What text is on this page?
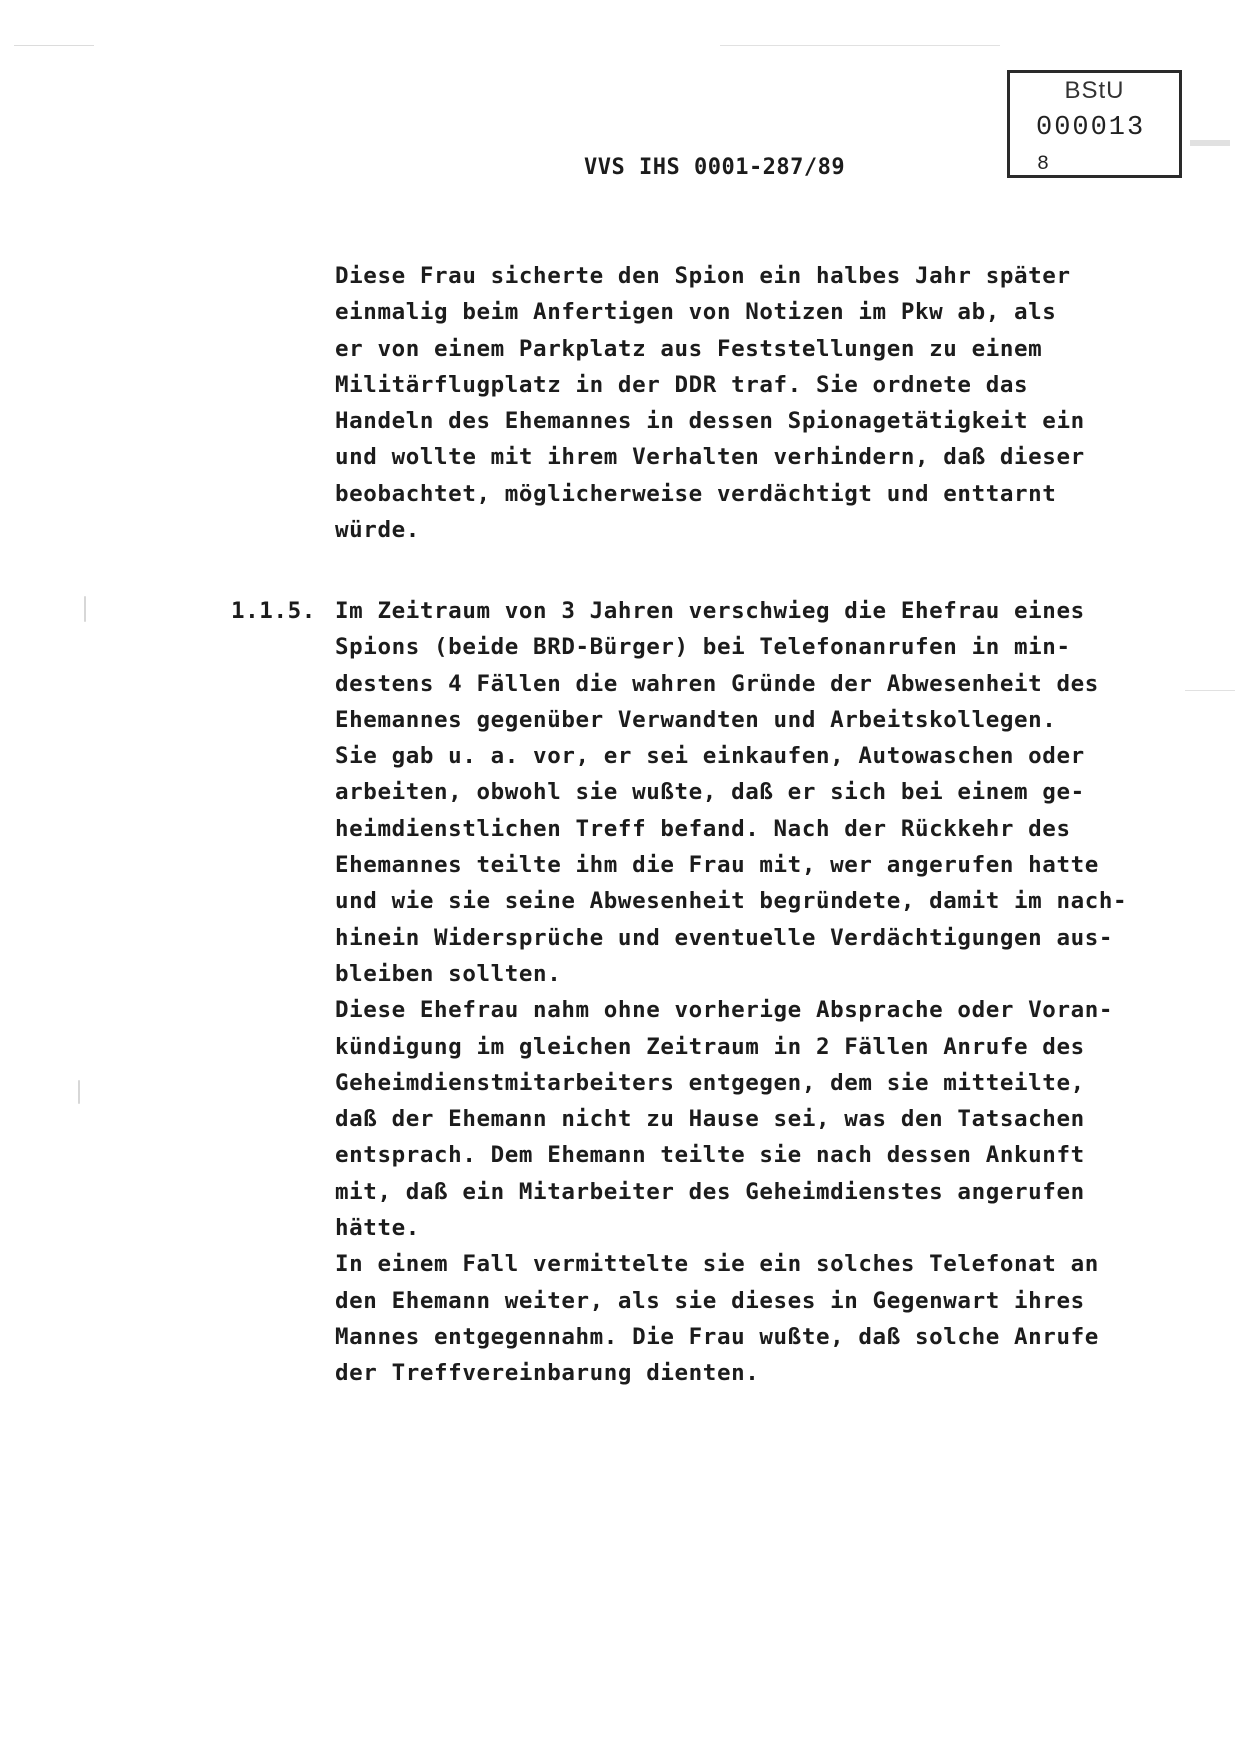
BStU
000013
8
VVS IHS 0001-287/89
Diese Frau sicherte den Spion ein halbes Jahr später
einmalig beim Anfertigen von Notizen im Pkw ab, als
er von einem Parkplatz aus Feststellungen zu einem
Militärflugplatz in der DDR traf. Sie ordnete das
Handeln des Ehemannes in dessen Spionagetätigkeit ein
und wollte mit ihrem Verhalten verhindern, daß dieser
beobachtet, möglicherweise verdächtigt und enttarnt
würde.
1.1.5. Im Zeitraum von 3 Jahren verschwieg die Ehefrau eines
Spions (beide BRD-Bürger) bei Telefonanrufen in min-
destens 4 Fällen die wahren Gründe der Abwesenheit des
Ehemannes gegenüber Verwandten und Arbeitskollegen.
Sie gab u. a. vor, er sei einkaufen, Autowaschen oder
arbeiten, obwohl sie wußte, daß er sich bei einem ge-
heimdienstlichen Treff befand. Nach der Rückkehr des
Ehemannes teilte ihm die Frau mit, wer angerufen hatte
und wie sie seine Abwesenheit begründete, damit im nach-
hinein Widersprüche und eventuelle Verdächtigungen aus-
bleiben sollten.
Diese Ehefrau nahm ohne vorherige Absprache oder Voran-
kündigung im gleichen Zeitraum in 2 Fällen Anrufe des
Geheimdienstmitarbeiters entgegen, dem sie mitteilte,
daß der Ehemann nicht zu Hause sei, was den Tatsachen
entsprach. Dem Ehemann teilte sie nach dessen Ankunft
mit, daß ein Mitarbeiter des Geheimdienstes angerufen
hätte.
In einem Fall vermittelte sie ein solches Telefonat an
den Ehemann weiter, als sie dieses in Gegenwart ihres
Mannes entgegennahm. Die Frau wußte, daß solche Anrufe
der Treffvereinbarung dienten.
